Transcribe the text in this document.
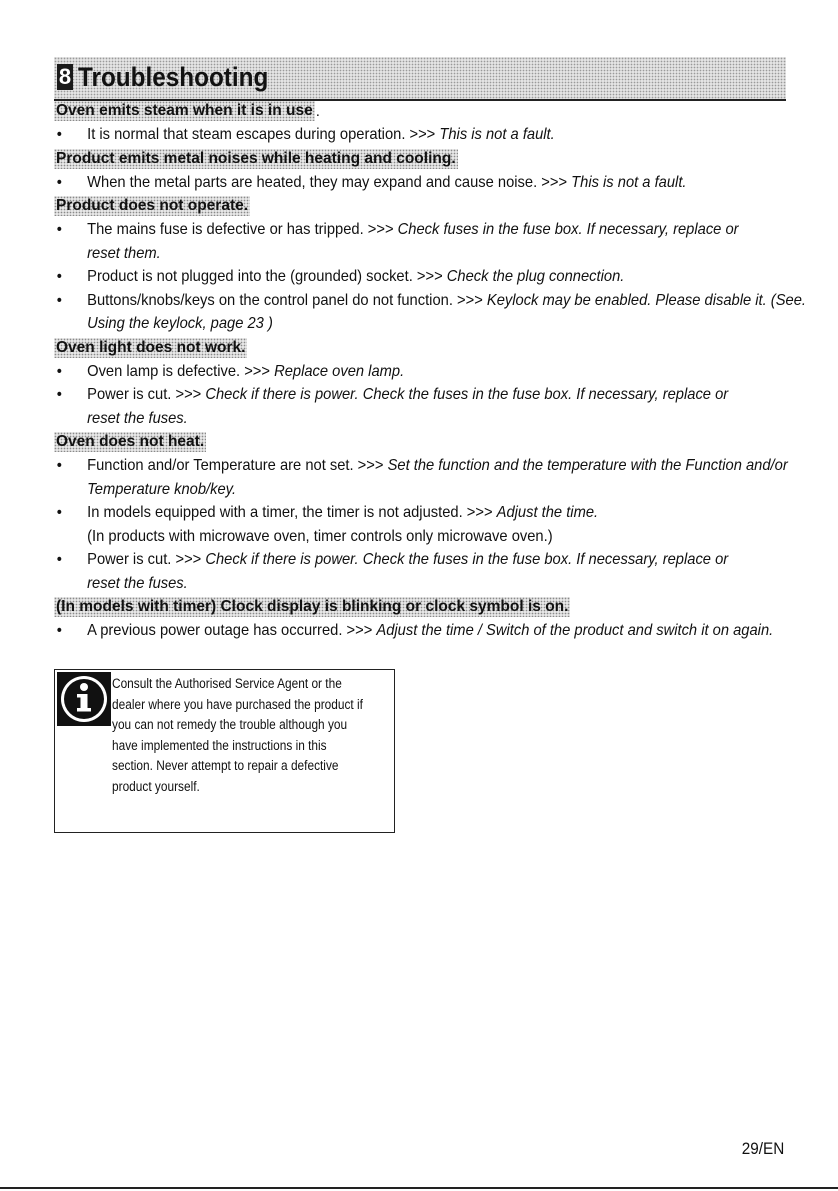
8 Troubleshooting
Oven emits steam when it is in use .
• It is normal that steam escapes during operation. >>> This is not a fault.
Product emits metal noises while heating and cooling.
• When the metal parts are heated, they may expand and cause noise. >>> This is not a fault.
Product does not operate.
• The mains fuse is defective or has tripped. >>> Check fuses in the fuse box. If necessary, replace or reset them.
• Product is not plugged into the (grounded) socket. >>> Check the plug connection.
• Buttons/knobs/keys on the control panel do not function. >>> Keylock may be enabled. Please disable it. (See. Using the keylock, page 23 )
Oven light does not work.
• Oven lamp is defective. >>> Replace oven lamp.
• Power is cut. >>> Check if there is power. Check the fuses in the fuse box. If necessary, replace or reset the fuses.
Oven does not heat.
• Function and/or Temperature are not set. >>> Set the function and the temperature with the Function and/or Temperature knob/key.
• In models equipped with a timer, the timer is not adjusted. >>> Adjust the time.
(In products with microwave oven, timer controls only microwave oven.)
• Power is cut. >>> Check if there is power. Check the fuses in the fuse box. If necessary, replace or reset the fuses.
(In models with timer) Clock display is blinking or clock symbol is on.
• A previous power outage has occurred. >>> Adjust the time / Switch of the product and switch it on again.
Consult the Authorised Service Agent or the dealer where you have purchased the product if you can not remedy the trouble although you have implemented the instructions in this section. Never attempt to repair a defective product yourself.
29/EN
